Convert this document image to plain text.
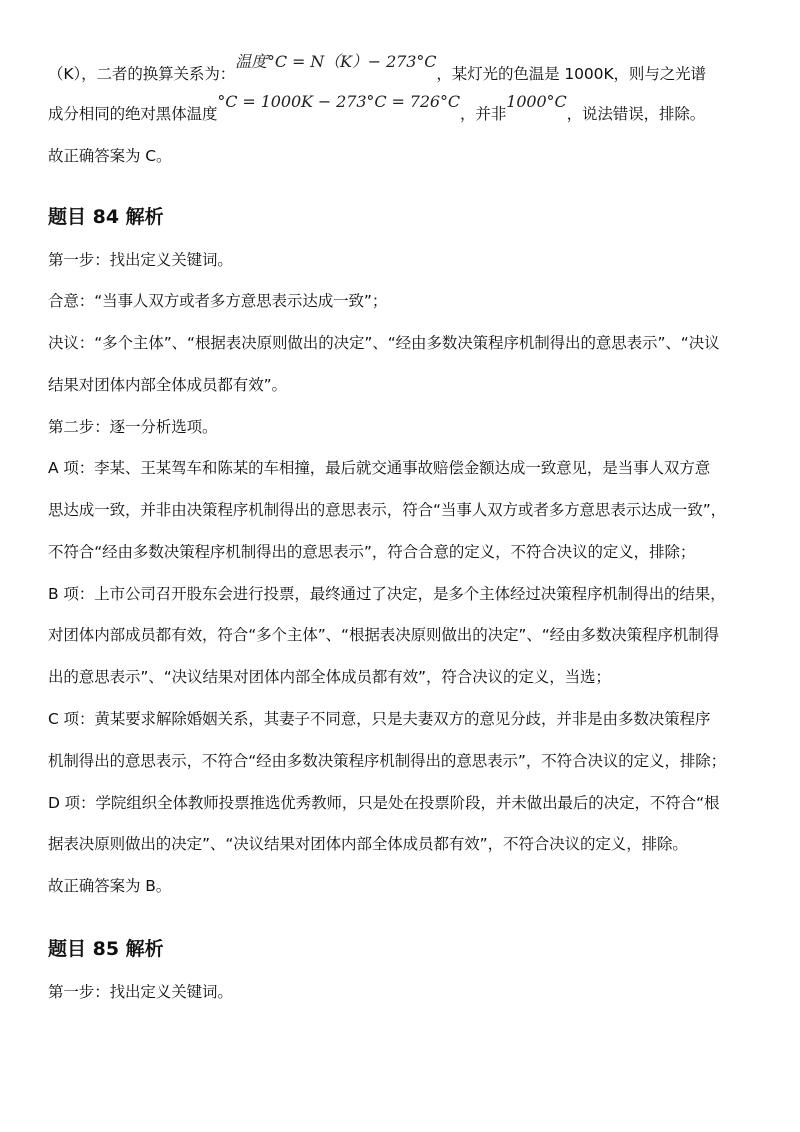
（K），二者的换算关系为：温度°C = N（K）− 273°C，某灯光的色温是 1000K，则与之光谱
成分相同的绝对黑体温度°C = 1000K − 273°C = 726°C，并非1000°C，说法错误，排除。
故正确答案为 C。
题目 84 解析
第一步：找出定义关键词。
合意：“当事人双方或者多方意思表示达成一致”；
决议：“多个主体”、“根据表决原则做出的决定”、“经由多数决策程序机制得出的意思表示”、“决议
结果对团体内部全体成员都有效”。
第二步：逐一分析选项。
A 项：李某、王某驾车和陈某的车相撞，最后就交通事故赔偿金额达成一致意见，是当事人双方意
思达成一致，并非由决策程序机制得出的意思表示，符合“当事人双方或者多方意思表示达成一致”，
不符合“经由多数决策程序机制得出的意思表示”，符合合意的定义，不符合决议的定义，排除；
B 项：上市公司召开股东会进行投票，最终通过了决定，是多个主体经过决策程序机制得出的结果，
对团体内部成员都有效，符合“多个主体”、“根据表决原则做出的决定”、“经由多数决策程序机制得
出的意思表示”、“决议结果对团体内部全体成员都有效”，符合决议的定义，当选；
C 项：黄某要求解除婚姻关系，其妻子不同意，只是夫妻双方的意见分歧，并非是由多数决策程序
机制得出的意思表示，不符合“经由多数决策程序机制得出的意思表示”，不符合决议的定义，排除；
D 项：学院组织全体教师投票推选优秀教师，只是处在投票阶段，并未做出最后的决定，不符合“根
据表决原则做出的决定”、“决议结果对团体内部全体成员都有效”，不符合决议的定义，排除。
故正确答案为 B。
题目 85 解析
第一步：找出定义关键词。
